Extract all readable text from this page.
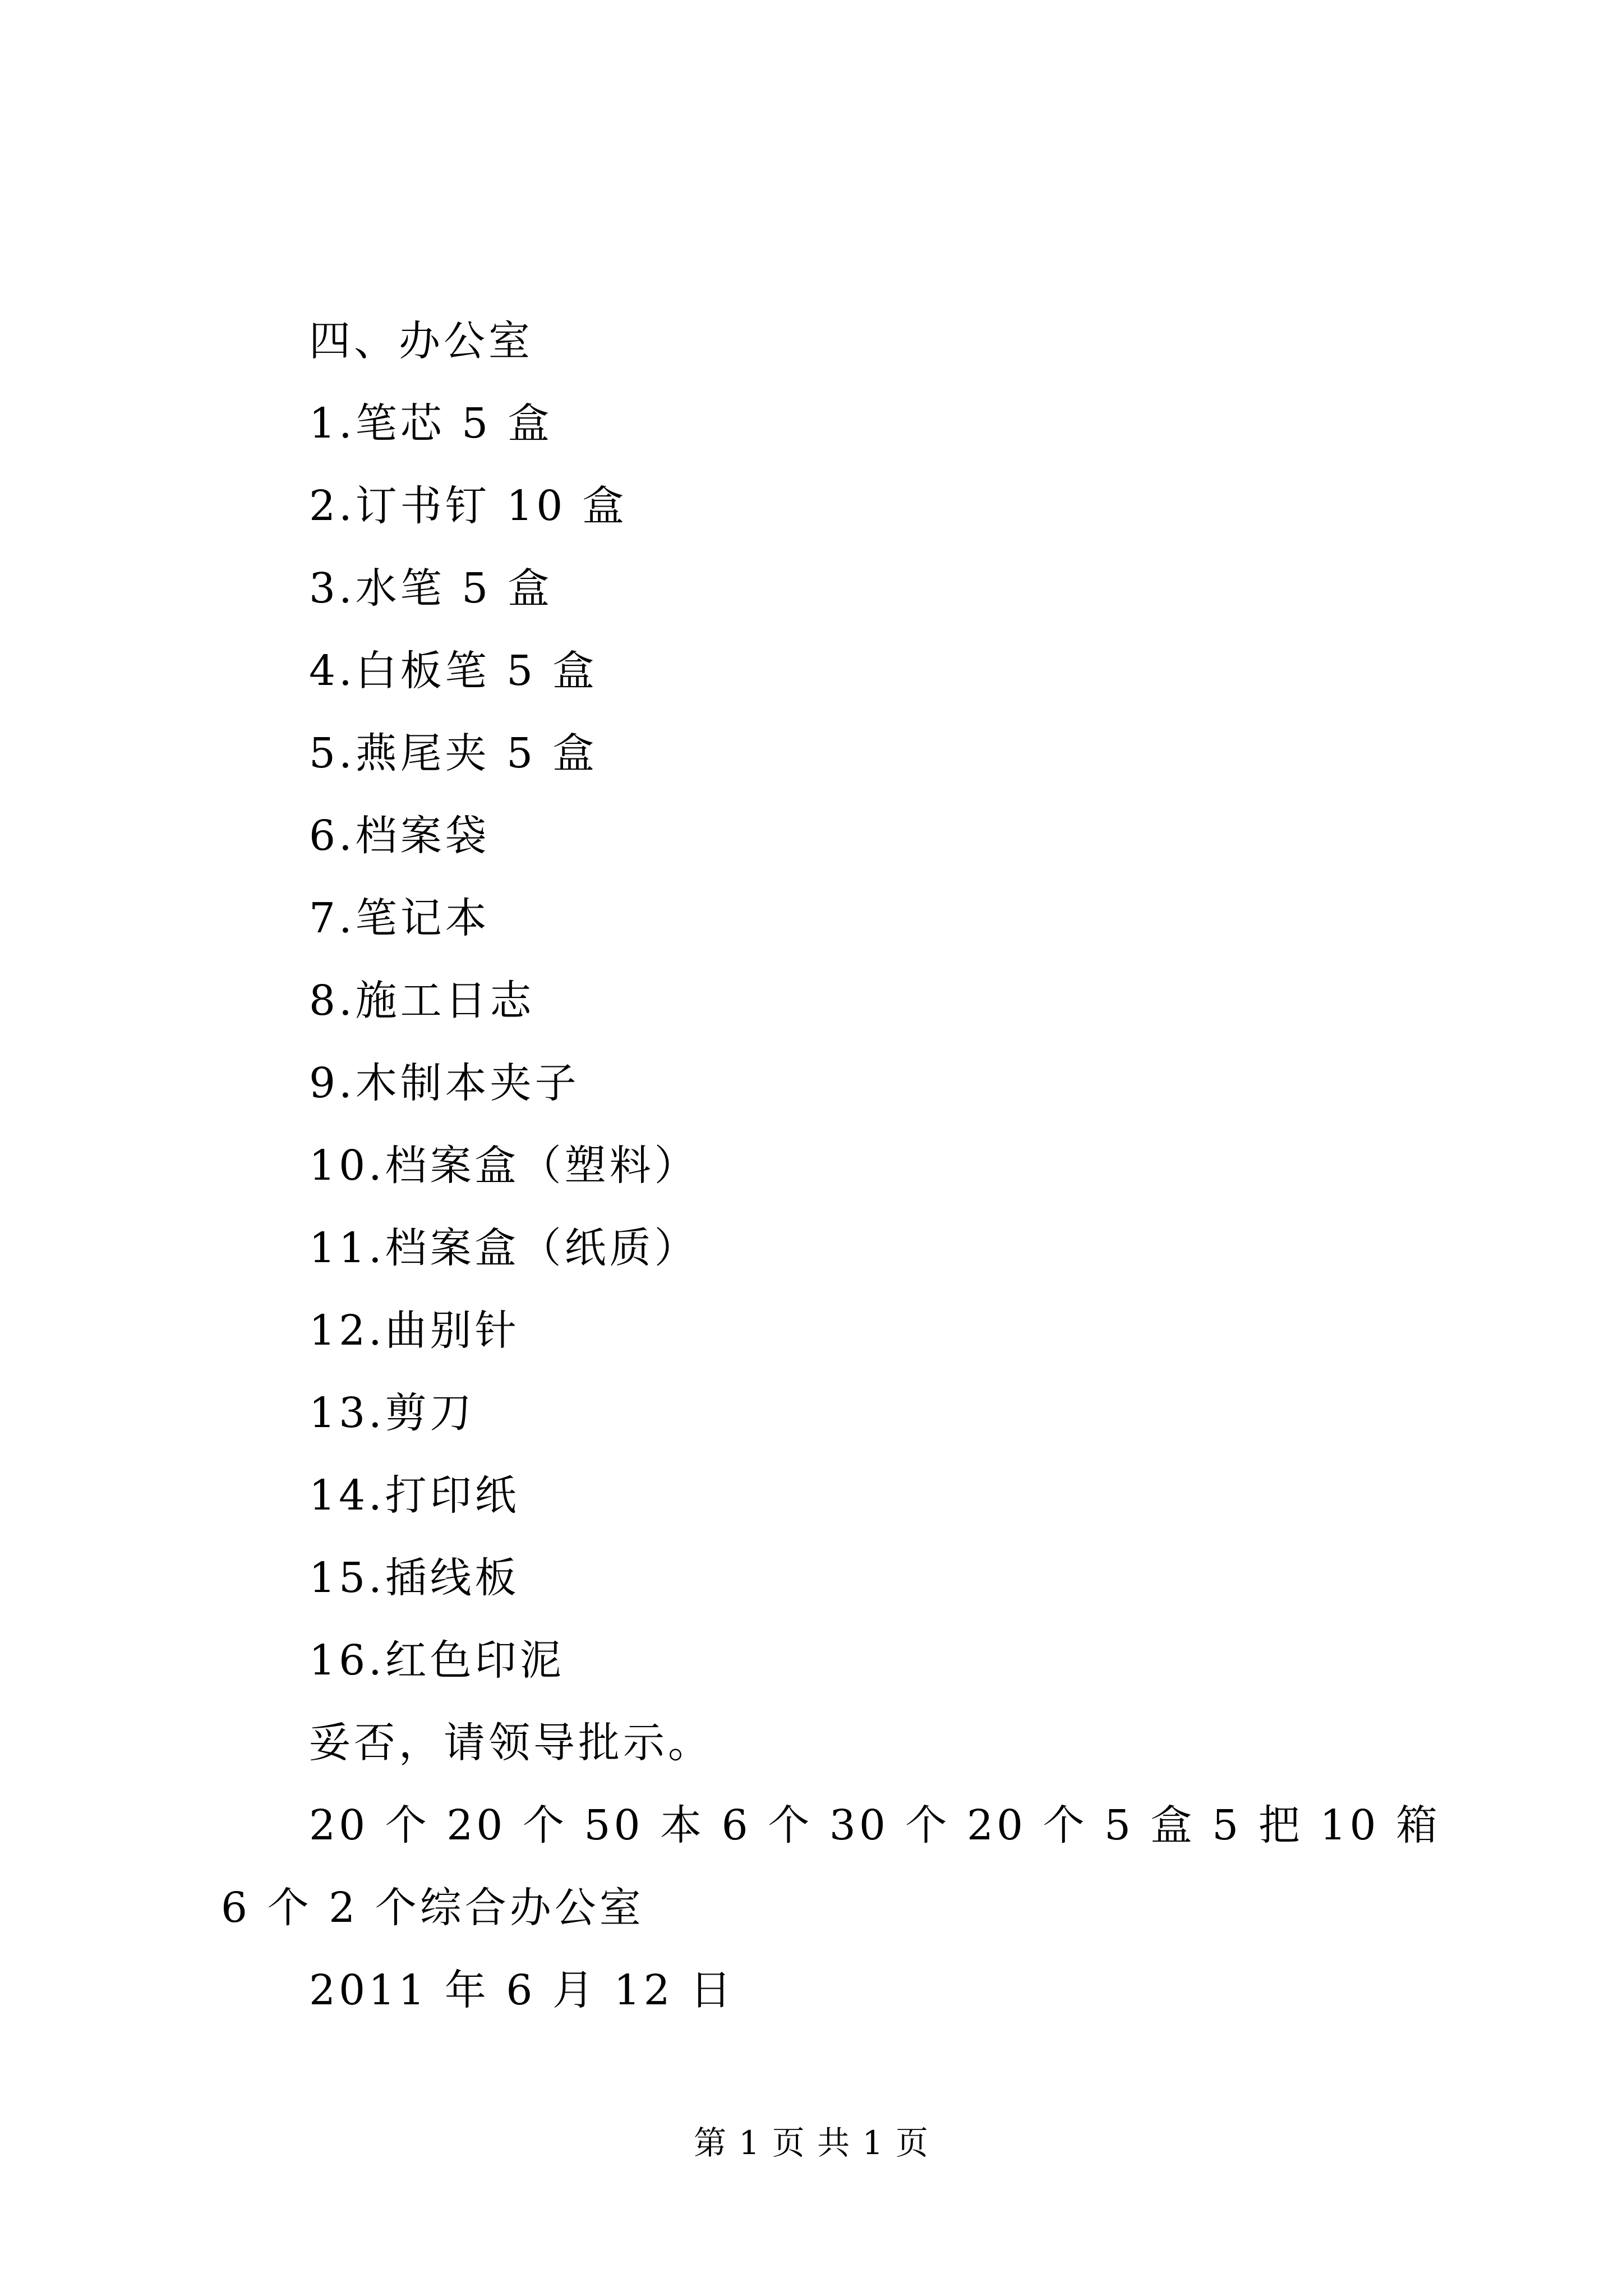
四、办公室
1.笔芯 5 盒
2.订书钉 10 盒
3.水笔 5 盒
4.白板笔 5 盒
5.燕尾夹 5 盒
6.档案袋
7.笔记本
8.施工日志
9.木制本夹子
10.档案盒（塑料）
11.档案盒（纸质）
12.曲别针
13.剪刀
14.打印纸
15.插线板
16.红色印泥
妥否，请领导批示。
20 个 20 个 50 本 6 个 30 个 20 个 5 盒 5 把 10 箱 6 个 2 个综合办公室
2011 年 6 月 12 日
第 1 页 共 1 页
